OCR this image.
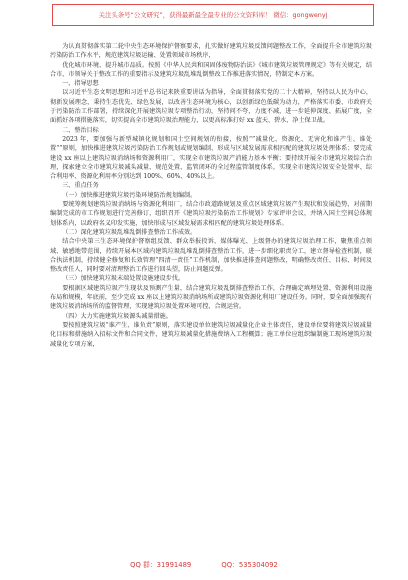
关注头条号“公文研究”，获得最新最全最专业的公文资料库！ 微信：gongwenyj

为认真贯彻落实第二轮中央生态环境保护督察要求，扎实做好建筑垃圾反馈问题整改工作，全面提升全市建筑垃圾污染防治工作水平，规范建筑垃圾运输、处置领域市场秩序，

优化城市环境、提升城市品质。按照《中华人民共和国固体废物防治法》《城市建筑垃圾管理规定》等有关规定，结合市、市领导关于整改工作的重要指示及建筑垃圾乱堆乱倒整改工作推进落实情况，特制定本方案。

一、指导思想

以习近平生态文明思想和习近平总书记来陕重要讲话为指导，全面贯彻落实党的二十大精神，坚持以人民为中心，彻新发展理念，秉持生态优先、绿色发展，以改善生态环境为核心，以创新绿色低碳为动力，严格落实市委、市政府关于污染防治工作部署，持续深化开展建筑垃圾专项整治行动，坚持问不夸，力度不减，进一步延伸深度、拓展广度，全面抓好各项措施落实，切实提高全市建筑垃圾治理能力，以更高标准打好 xx 蓝天、碧水、净土保卫战。

二、整治目标

2023 年，要加强与新型城镇化规划和国土空间规划的衔接，按照“”减量化、资源化、无害化和谁产生、谁处置“”原则，加快推进建筑垃圾污染防治工作规划或规划编制，形成与区域发展需求相匹配的建筑垃圾处理体系；要完成建设 xx 座以上建筑垃圾消纳场和资源利用厂，实现全市建筑垃圾产消能力基本平衡；要持续开展全市建筑垃圾综合治理，探索建立全市建筑垃圾减头减量、规范处置、监管闭环的全过程监管制度体系，实现全市建筑垃圾安全处置率、综合利用率、资源化利用率分别达到 100%、60%、40%以上。

三、重点任务

（一）加快推进建筑垃圾污染环境防治规划编制。

要统筹规划建筑垃圾消纳场与资源化利用厂，结合市政道路规划及重点区域建筑垃圾产生现状和发展趋势，对前期编制完成的市工作规划进行完善修订，组织召开《建筑垃圾污染防治工作规划》专家评审会议，并纳入国土空间总体规划体系内，以政府名义印发实施，加快形成与区域发展需求相匹配的建筑垃圾处理体系。

（二）深化建筑垃圾乱堆乱倒排查整治工作成效。

结合中央第三生态环境保护督察组反馈、群众举报投诉、媒体曝光、上级督办的建筑垃圾治理工作，聚焦重点领域、敏感地带范围，持续开展本区域内建筑垃圾乱堆乱倒排查整治工作，进一步细化职责分工，建立督导检查机制，联合执法机制，持续健全修复和长效管理“四清一责任”工作机制，加快推进排查问题整改，明确整改责任、目标、时间及整改责任人，同时要对清理整治工作进行回头望，防止问题反弹。

（三）加快建筑垃圾末端处置设施建设步伐。

要根据区域建筑垃圾产生现状及预测产生量，结合建筑垃圾乱倒排查整治工作，合理确定填埋处置、资源利用设施布局和规模，年底前，至少完成 xx 座以上建筑垃圾消纳场所或建筑垃圾资源化利用厂建设任务。同时，要全面加强现有建筑垃圾消纳场所的监督管理，实现建筑垃圾处置环境可控、合规运营。

（四）大力实施建筑垃圾源头减量措施。

要按照建筑垃圾“谁产生、谁负责”原则，落实建设单位建筑垃圾减量化企业主体责任，建设单位要将建筑垃圾减量化目标和措施纳入招标文件和合同文件，建筑垃圾减量化措施费纳入工程概算；施工单位应组织编制施工现场建筑垃圾减量化专项方案，

QQ 群：31991489	QQ：535304092
